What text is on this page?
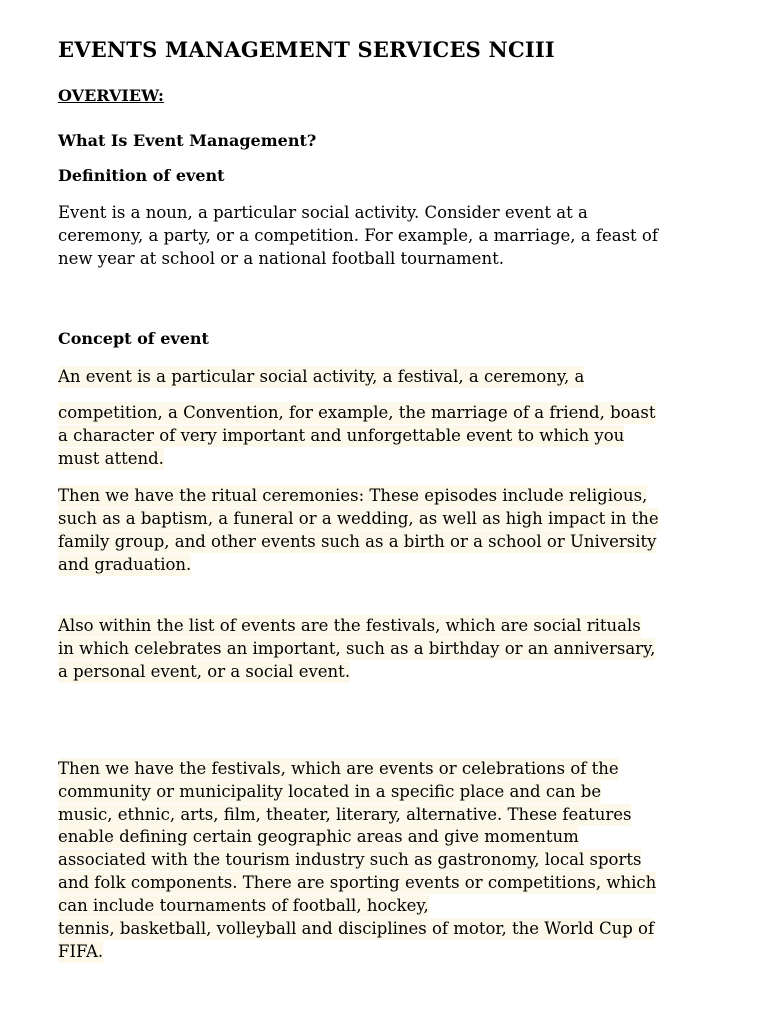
EVENTS MANAGEMENT SERVICES NCIII
OVERVIEW:
What Is Event Management?
Definition of event
Event is a noun, a particular social activity. Consider event at a
ceremony, a party, or a competition. For example, a marriage, a feast of
new year at school or a national football tournament.
Concept of event
An event is a particular social activity, a festival, a ceremony, a
competition, a Convention, for example, the marriage of a friend, boast
a character of very important and unforgettable event to which you
must attend.
Then we have the ritual ceremonies: These episodes include religious,
such as a baptism, a funeral or a wedding, as well as high impact in the
family group, and other events such as a birth or a school or University
and graduation.
Also within the list of events are the festivals, which are social rituals
in which celebrates an important, such as a birthday or an anniversary,
a personal event, or a social event.
Then we have the festivals, which are events or celebrations of the
community or municipality located in a specific place and can be
music, ethnic, arts, film, theater, literary, alternative. These features
enable defining certain geographic areas and give momentum
associated with the tourism industry such as gastronomy, local sports
and folk components. There are sporting events or competitions, which
can include tournaments of football, hockey,
tennis, basketball, volleyball and disciplines of motor, the World Cup of
FIFA.
